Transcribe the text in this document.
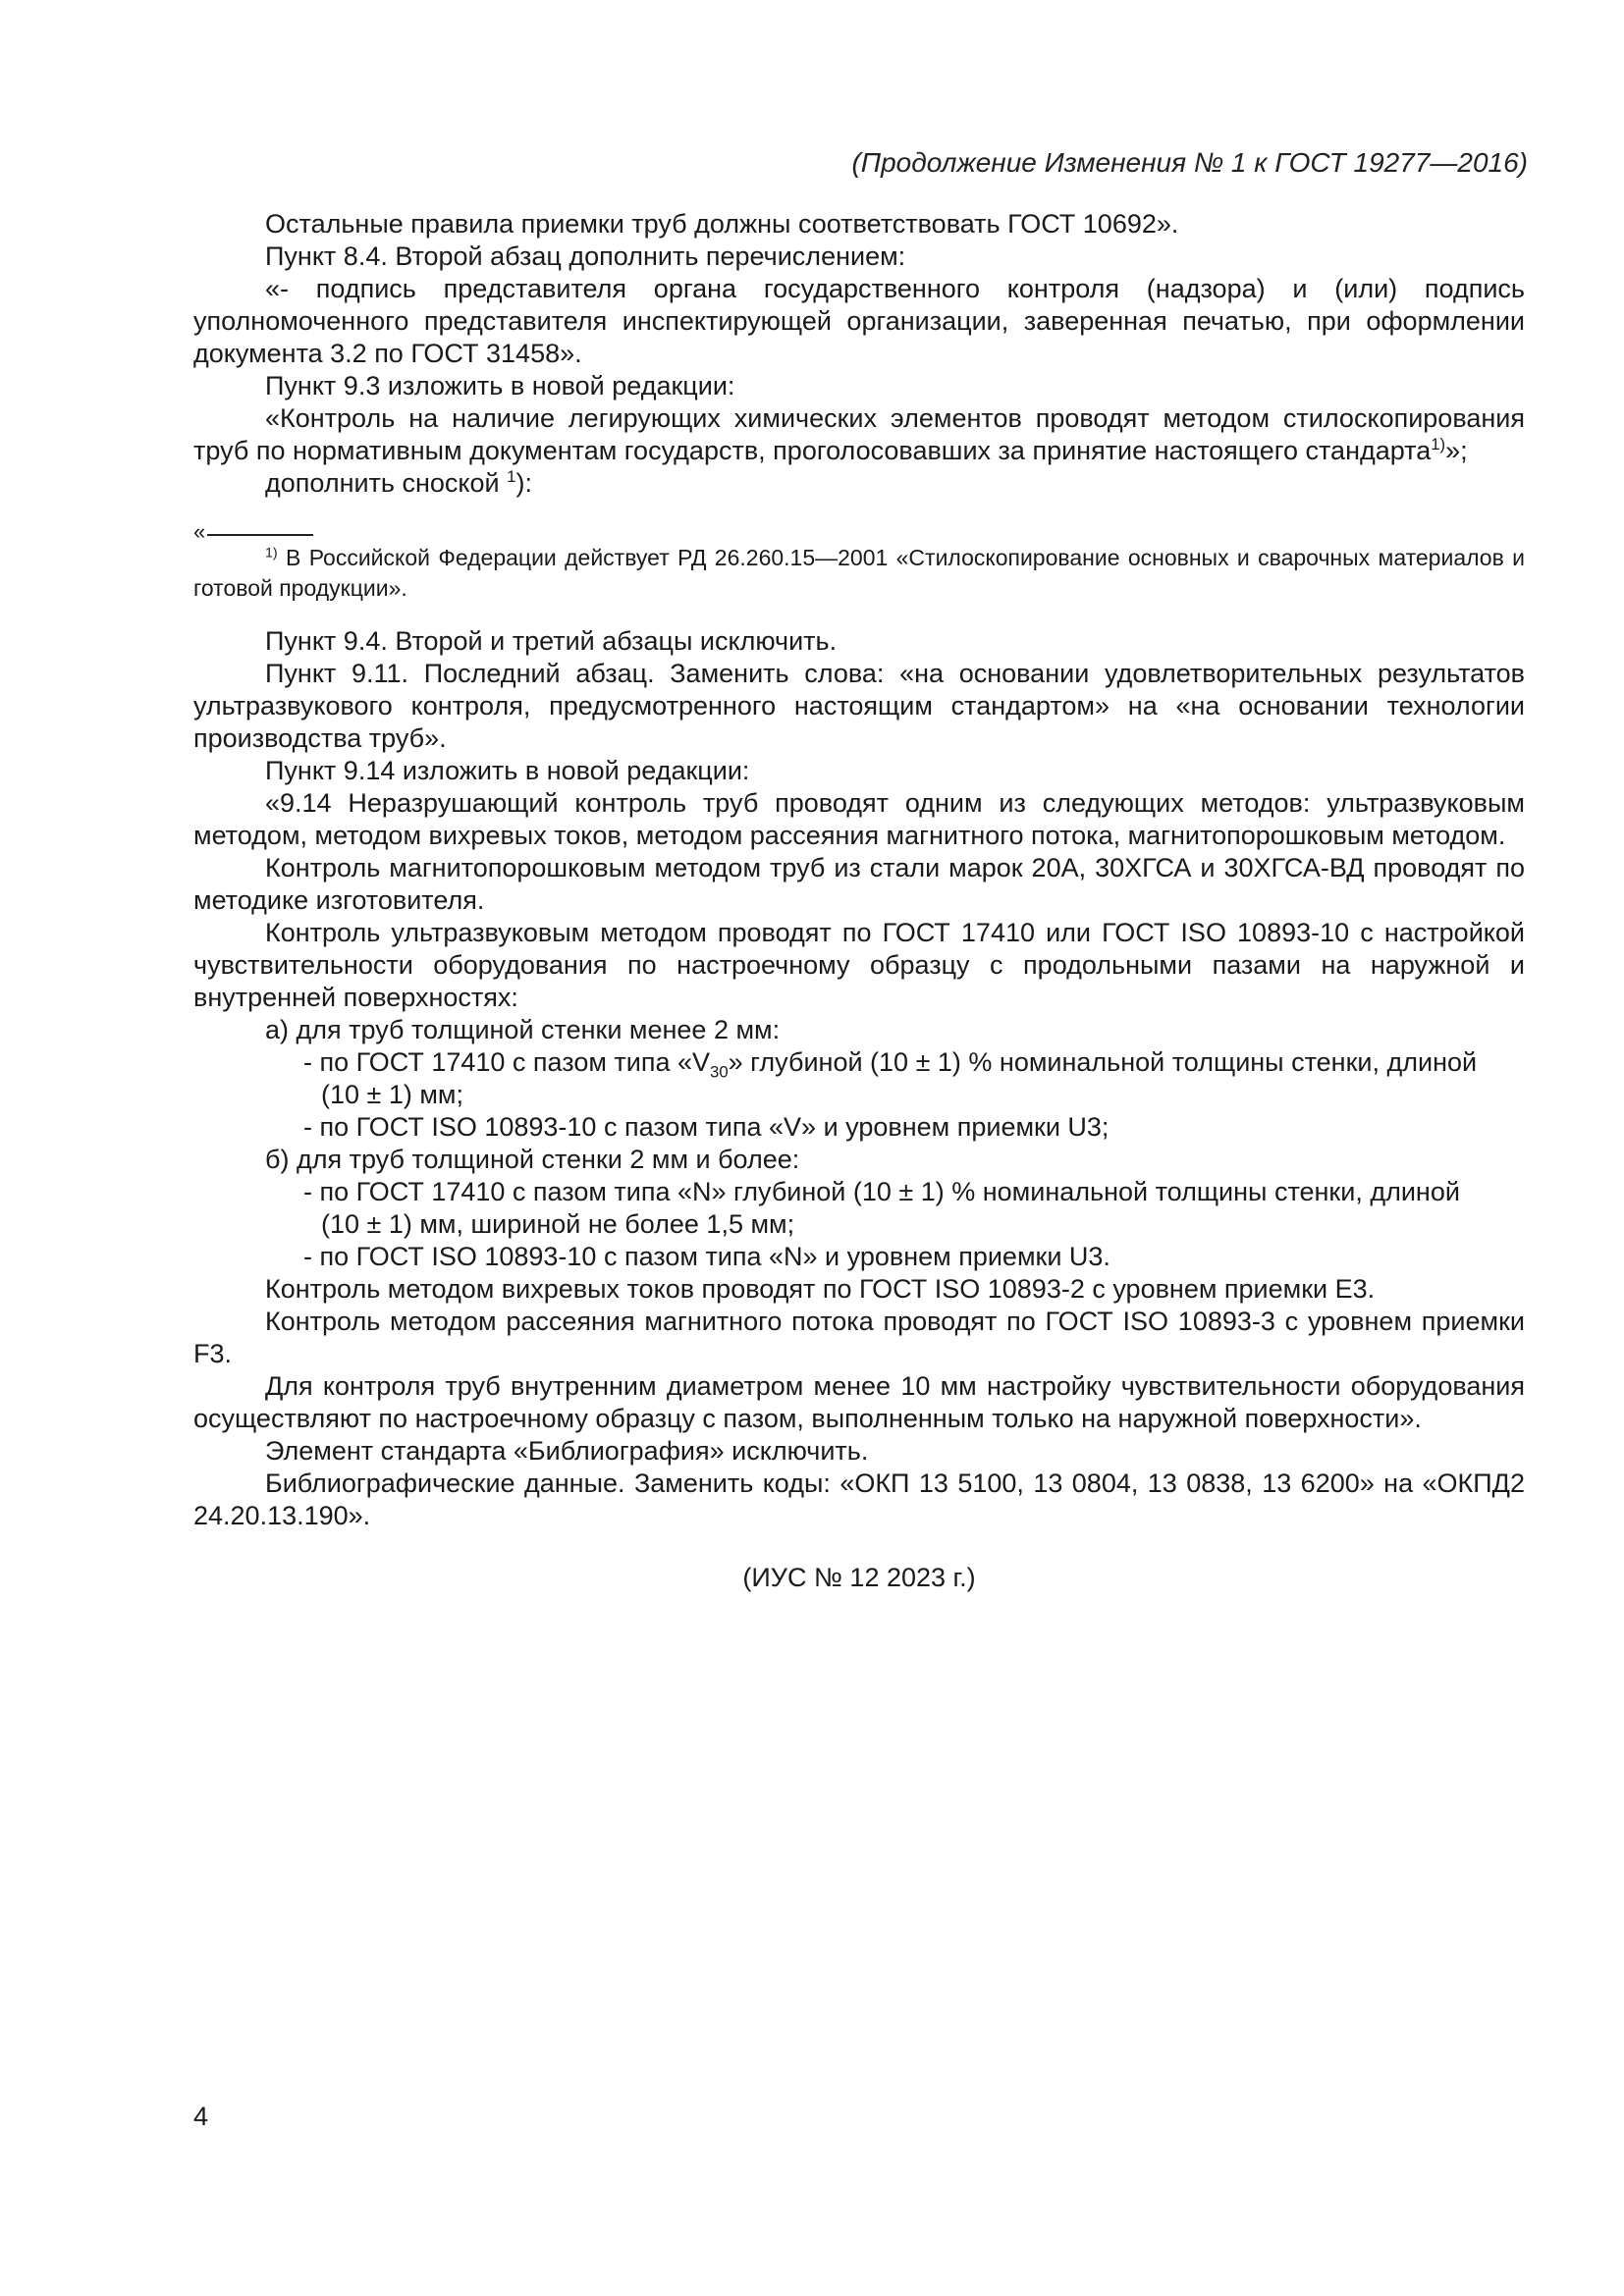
(Продолжение Изменения № 1 к ГОСТ 19277—2016)

Остальные правила приемки труб должны соответствовать ГОСТ 10692».

Пункт 8.4. Второй абзац дополнить перечислением:

«- подпись представителя органа государственного контроля (надзора) и (или) подпись уполномоченного представителя инспектирующей организации, заверенная печатью, при оформлении документа 3.2 по ГОСТ 31458».

Пункт 9.3 изложить в новой редакции:

«Контроль на наличие легирующих химических элементов проводят методом стилоскопирования труб по нормативным документам государств, проголосовавших за принятие настоящего стандарта$^{1)}$»;

дополнить сноской $^1$):

«

$^{1)}$ В Российской Федерации действует РД 26.260.15—2001 «Стилоскопирование основных и сварочных материалов и готовой продукции».

Пункт 9.4. Второй и третий абзацы исключить.

Пункт 9.11. Последний абзац. Заменить слова: «на основании удовлетворительных результатов ультразвукового контроля, предусмотренного настоящим стандартом» на «на основании технологии производства труб».

Пункт 9.14 изложить в новой редакции:

«9.14 Неразрушающий контроль труб проводят одним из следующих методов: ультразвуковым методом, методом вихревых токов, методом рассеяния магнитного потока, магнитопорошковым методом.

Контроль магнитопорошковым методом труб из стали марок 20А, 30ХГСА и 30ХГСА-ВД проводят по методике изготовителя.

Контроль ультразвуковым методом проводят по ГОСТ 17410 или ГОСТ ISO 10893-10 с настройкой чувствительности оборудования по настроечному образцу с продольными пазами на наружной и внутренней поверхностях:

а) для труб толщиной стенки менее 2 мм:

- по ГОСТ 17410 с пазом типа «$V_{30}$» глубиной (10 ± 1) % номинальной толщины стенки, длиной

(10 ± 1) мм;

- по ГОСТ ISO 10893-10 с пазом типа «V» и уровнем приемки U3;

б) для труб толщиной стенки 2 мм и более:

- по ГОСТ 17410 с пазом типа «N» глубиной (10 ± 1) % номинальной толщины стенки, длиной

(10 ± 1) мм, шириной не более 1,5 мм;

- по ГОСТ ISO 10893-10 с пазом типа «N» и уровнем приемки U3.

Контроль методом вихревых токов проводят по ГОСТ ISO 10893-2 с уровнем приемки E3.

Контроль методом рассеяния магнитного потока проводят по ГОСТ ISO 10893-3 с уровнем приемки F3.

Для контроля труб внутренним диаметром менее 10 мм настройку чувствительности оборудования осуществляют по настроечному образцу с пазом, выполненным только на наружной поверхности».

Элемент стандарта «Библиография» исключить.

Библиографические данные. Заменить коды: «ОКП 13 5100, 13 0804, 13 0838, 13 6200» на «ОКПД2 24.20.13.190».

(ИУС № 12 2023 г.)

4
